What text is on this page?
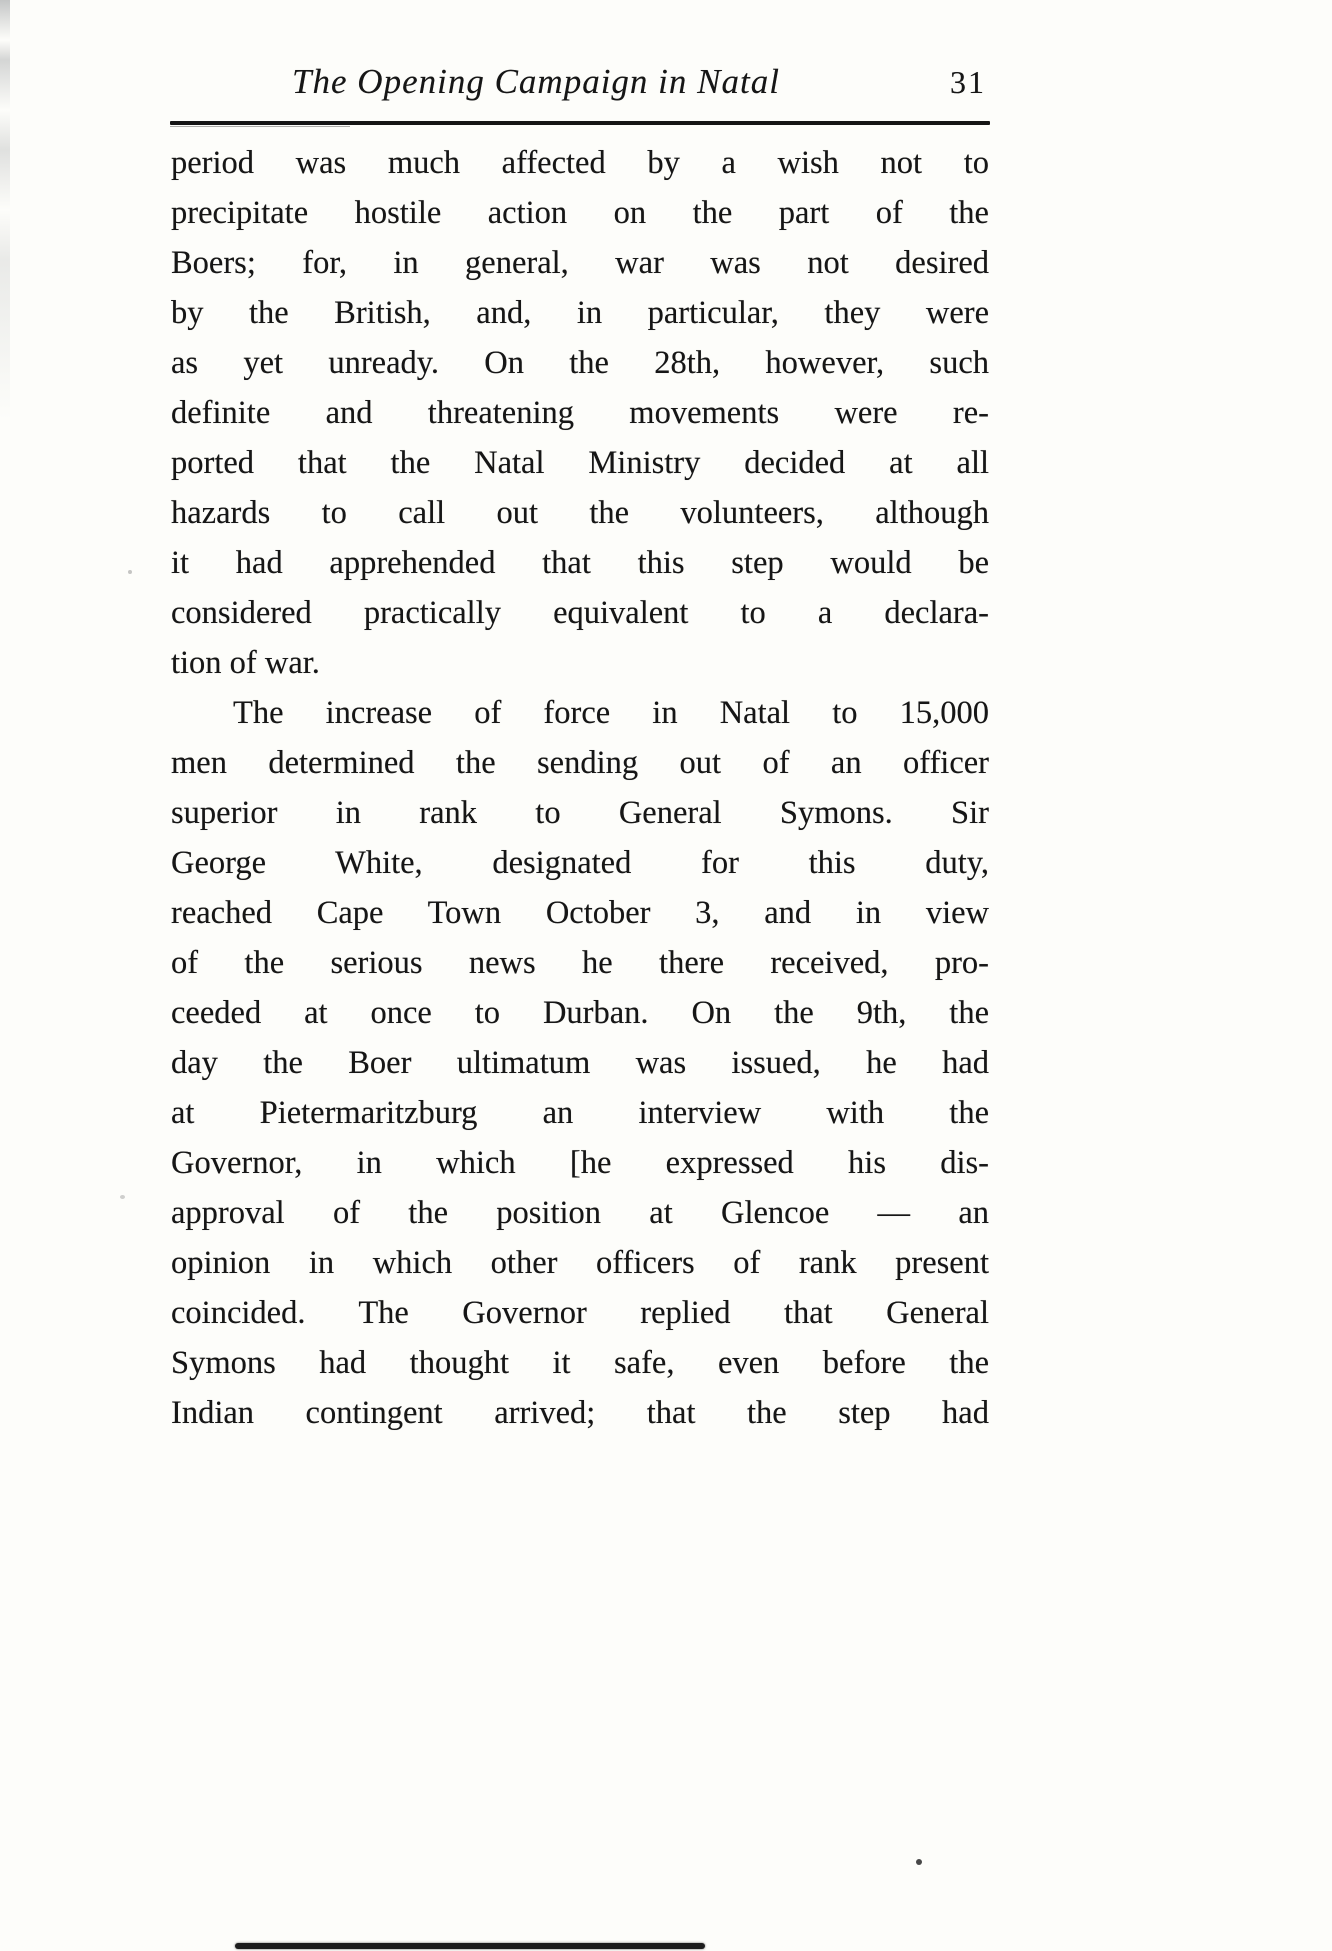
The Opening Campaign in Natal	31
period was much affected by a wish not to
precipitate hostile action on the part of the
Boers; for, in general, war was not desired
by the British, and, in particular, they were
as yet unready. On the 28th, however, such
definite and threatening movements were re-
ported that the Natal Ministry decided at all
hazards to call out the volunteers, although
it had apprehended that this step would be
considered practically equivalent to a declara-
tion of war.
The increase of force in Natal to 15,000
men determined the sending out of an officer
superior in rank to General Symons. Sir
George White, designated for this duty,
reached Cape Town October 3, and in view
of the serious news he there received, pro-
ceeded at once to Durban. On the 9th, the
day the Boer ultimatum was issued, he had
at Pietermaritzburg an interview with the
Governor, in which [he expressed his dis-
approval of the position at Glencoe — an
opinion in which other officers of rank present
coincided. The Governor replied that General
Symons had thought it safe, even before the
Indian contingent arrived; that the step had
